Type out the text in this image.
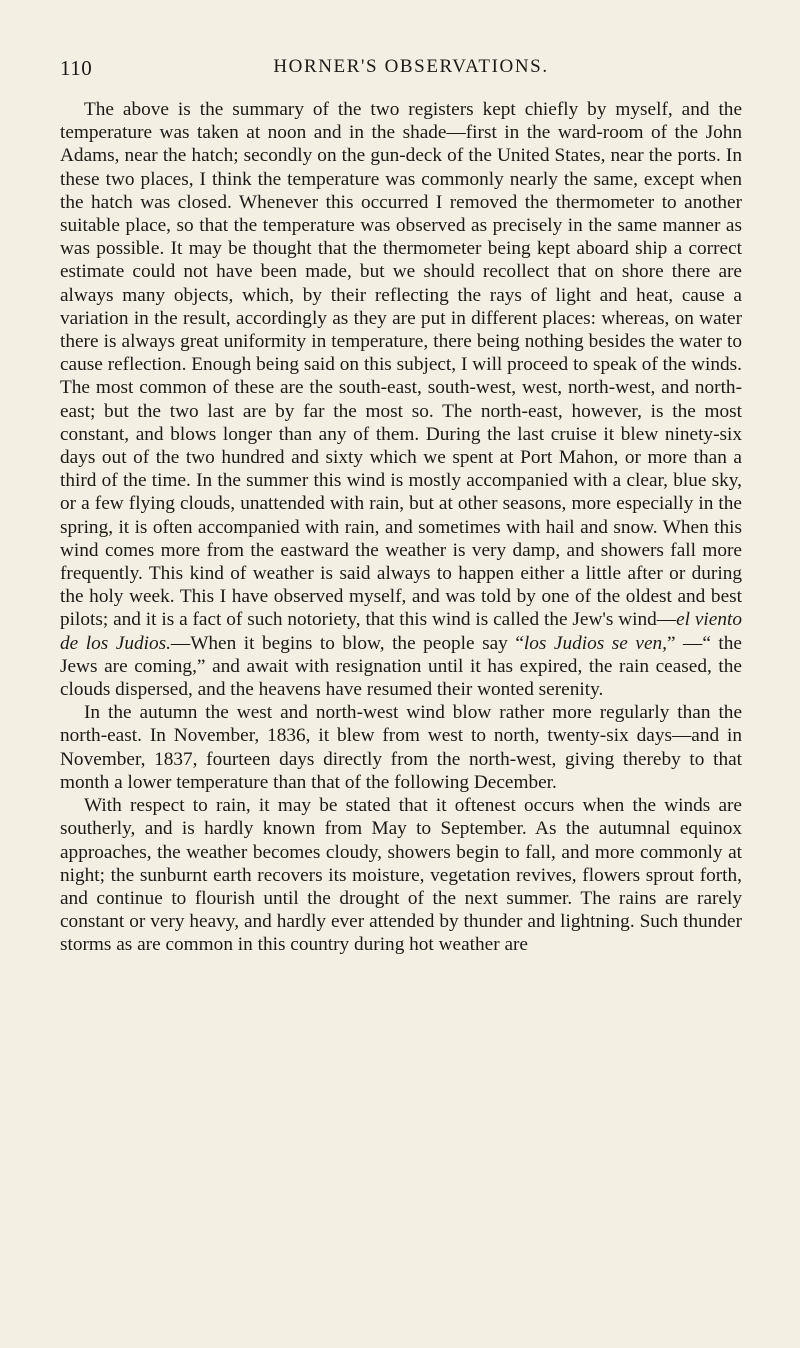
110	HORNER'S OBSERVATIONS.

The above is the summary of the two registers kept chiefly by myself, and the temperature was taken at noon and in the shade—first in the ward-room of the John Adams, near the hatch; secondly on the gun-deck of the United States, near the ports. In these two places, I think the temperature was commonly nearly the same, except when the hatch was closed. Whenever this occurred I removed the thermometer to another suitable place, so that the temperature was observed as precisely in the same manner as was possible. It may be thought that the thermometer being kept aboard ship a correct estimate could not have been made, but we should recollect that on shore there are always many objects, which, by their reflecting the rays of light and heat, cause a variation in the result, accordingly as they are put in different places: whereas, on water there is always great uniformity in temperature, there being nothing besides the water to cause reflection. Enough being said on this subject, I will proceed to speak of the winds. The most common of these are the south-east, south-west, west, north-west, and north-east; but the two last are by far the most so. The north-east, however, is the most constant, and blows longer than any of them. During the last cruise it blew ninety-six days out of the two hundred and sixty which we spent at Port Mahon, or more than a third of the time. In the summer this wind is mostly accompanied with a clear, blue sky, or a few flying clouds, unattended with rain, but at other seasons, more especially in the spring, it is often accompanied with rain, and sometimes with hail and snow. When this wind comes more from the eastward the weather is very damp, and showers fall more frequently. This kind of weather is said always to happen either a little after or during the holy week. This I have observed myself, and was told by one of the oldest and best pilots; and it is a fact of such notoriety, that this wind is called the Jew's wind—el viento de los Judios.—When it begins to blow, the people say “los Judios se ven,” —“ the Jews are coming,” and await with resignation until it has expired, the rain ceased, the clouds dispersed, and the heavens have resumed their wonted serenity.

In the autumn the west and north-west wind blow rather more regularly than the north-east. In November, 1836, it blew from west to north, twenty-six days—and in November, 1837, fourteen days directly from the north-west, giving thereby to that month a lower temperature than that of the following December.

With respect to rain, it may be stated that it oftenest occurs when the winds are southerly, and is hardly known from May to September. As the autumnal equinox approaches, the weather becomes cloudy, showers begin to fall, and more commonly at night; the sunburnt earth recovers its moisture, vegetation revives, flowers sprout forth, and continue to flourish until the drought of the next summer. The rains are rarely constant or very heavy, and hardly ever attended by thunder and lightning. Such thunder storms as are common in this country during hot weather are
